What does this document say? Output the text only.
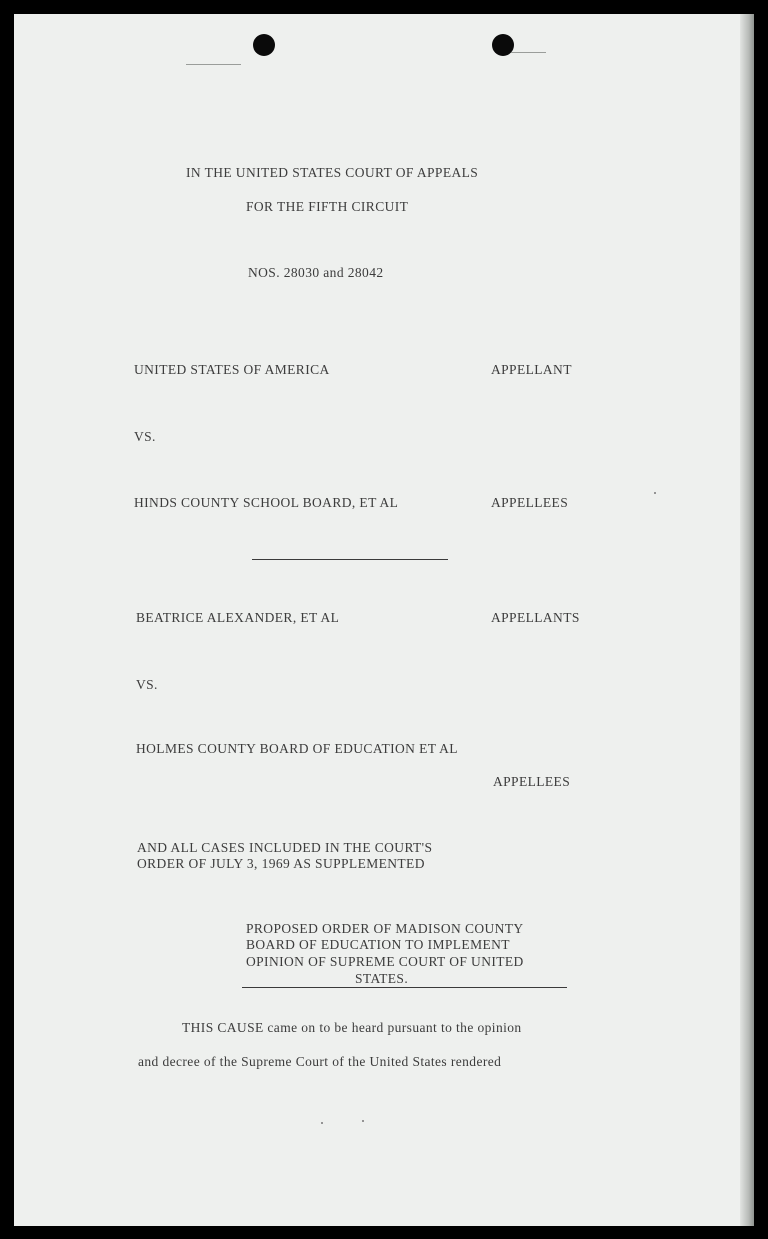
IN THE UNITED STATES COURT OF APPEALS
FOR THE FIFTH CIRCUIT
NOS. 28030 and 28042
UNITED STATES OF AMERICA	APPELLANT
VS.
HINDS COUNTY SCHOOL BOARD, ET AL	APPELLEES
BEATRICE ALEXANDER, ET AL	APPELLANTS
VS.
HOLMES COUNTY BOARD OF EDUCATION ET AL
APPELLEES
AND ALL CASES INCLUDED IN THE COURT'S
ORDER OF JULY 3, 1969 AS SUPPLEMENTED
PROPOSED ORDER OF MADISON COUNTY
BOARD OF EDUCATION TO IMPLEMENT
OPINION OF SUPREME COURT OF UNITED
STATES.
THIS CAUSE came on to be heard pursuant to the opinion
and decree of the Supreme Court of the United States rendered
